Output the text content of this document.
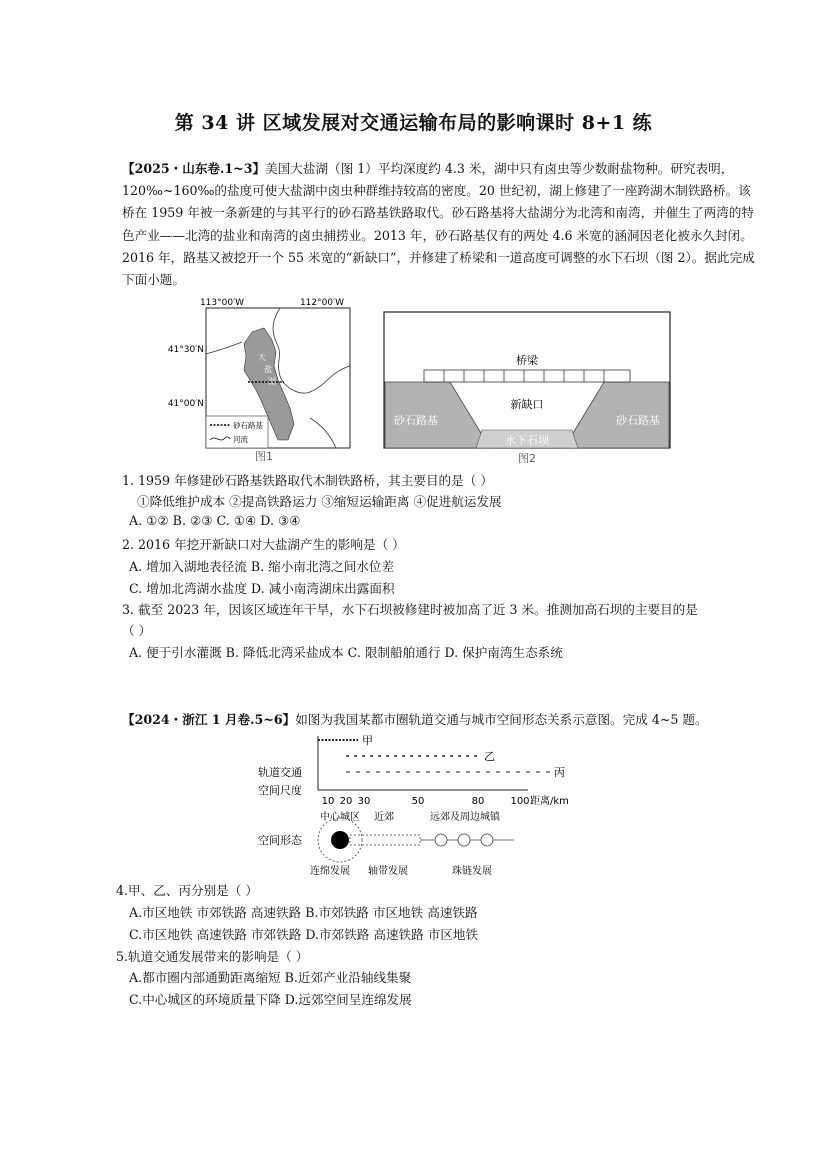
第 34 讲 区域发展对交通运输布局的影响课时 8+1 练

【2025・山东卷.1~3】美国大盐湖（图 1）平均深度约 4.3 米，湖中只有卤虫等少数耐盐物种。研究表明，120‰~160‰的盐度可使大盐湖中卤虫种群维持较高的密度。20 世纪初，湖上修建了一座跨湖木制铁路桥。该桥在 1959 年被一条新建的与其平行的砂石路基铁路取代。砂石路基将大盐湖分为北湾和南湾，并催生了两湾的特色产业——北湾的盐业和南湾的卤虫捕捞业。2013 年，砂石路基仅有的两处 4.6 米宽的涵洞因老化被永久封闭。2016 年，路基又被挖开一个 55 米宽的“新缺口”，并修建了桥梁和一道高度可调整的水下石坝（图 2）。据此完成下面小题。

113°00′W	112°00′W
41°30′N
41°00′N
大
盐
湖
砂石路基
河流
图1
砂石路基	砂石路基
桥梁
新缺口
水下石坝
图2
1. 1959 年修建砂石路基铁路取代木制铁路桥，其主要目的是（ ）
①降低维护成本 ②提高铁路运力 ③缩短运输距离 ④促进航运发展
A. ①② B. ②③ C. ①④ D. ③④
2. 2016 年挖开新缺口对大盐湖产生的影响是（ ）
A. 增加入湖地表径流 B. 缩小南北湾之间水位差
C. 增加北湾湖水盐度 D. 减小南湾湖床出露面积
3. 截至 2023 年，因该区域连年干旱，水下石坝被修建时被加高了近 3 米。推测加高石坝的主要目的是
（ ）
A. 便于引水灌溉 B. 降低北湾采盐成本 C. 限制船舶通行 D. 保护南湾生态系统
【2024・浙江 1 月卷.5~6】如图为我国某都市圈轨道交通与城市空间形态关系示意图。完成 4~5 题。
轨道交通
空间尺度
空间形态
甲
乙
丙
10 20 30	50	80	100 距离/km
中心城区 近郊	远郊及周边城镇
连绵发展 轴带发展	珠链发展
4.甲、乙、丙分别是（ ）
A.市区地铁 市郊铁路 高速铁路 B.市郊铁路 市区地铁 高速铁路
C.市区地铁 高速铁路 市郊铁路 D.市郊铁路 高速铁路 市区地铁
5.轨道交通发展带来的影响是（ ）
A.都市圈内部通勤距离缩短 B.近郊产业沿轴线集聚
C.中心城区的环境质量下降 D.远郊空间呈连绵发展
